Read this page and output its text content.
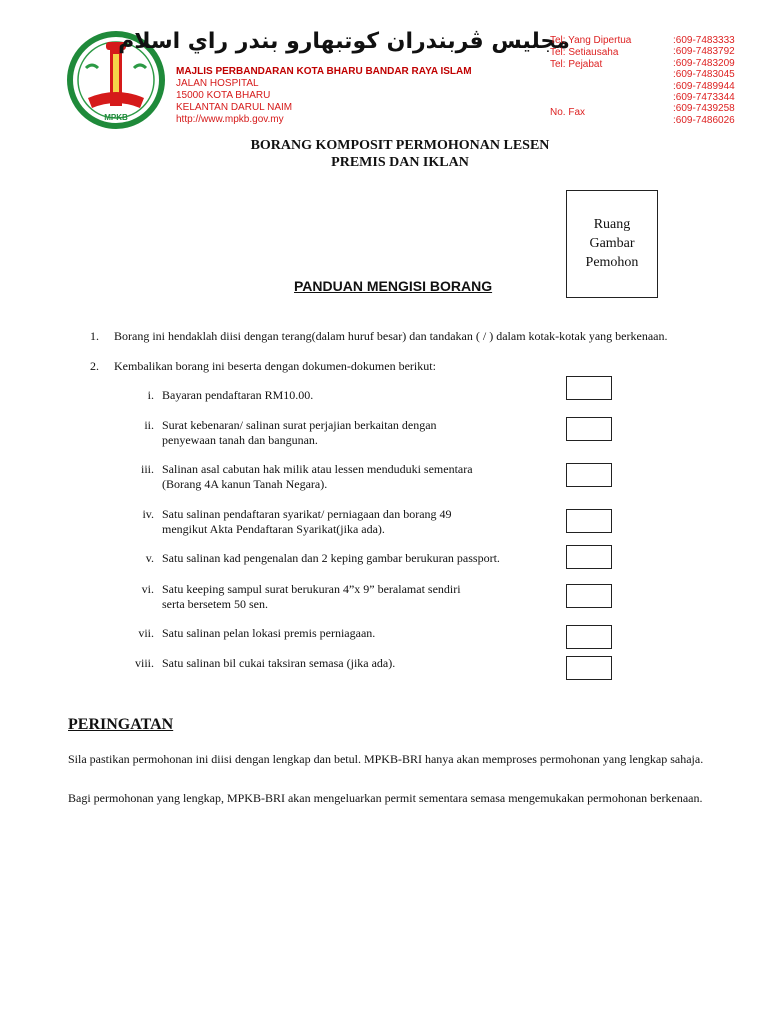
MPKB
مجليس ڤربندران كوتبهارو بندر راي اسلام
MAJLIS PERBANDARAN KOTA BHARU BANDAR RAYA ISLAM
JALAN HOSPITAL
15000 KOTA BHARU
KELANTAN DARUL NAIM
http://www.mpkb.gov.my
Tel: Yang Dipertua
Tel: Setiausaha
Tel: Pejabat
No. Fax
:609-7483333
:609-7483792
:609-7483209
:609-7483045
:609-7489944
:609-7473344
:609-7439258
:609-7486026
BORANG KOMPOSIT PERMOHONAN LESEN
PREMIS DAN IKLAN
Ruang
Gambar
Pemohon
PANDUAN MENGISI BORANG
1. Borang ini hendaklah diisi dengan terang(dalam huruf besar) dan tandakan ( / ) dalam kotak-kotak yang berkenaan.
2. Kembalikan borang ini beserta dengan dokumen-dokumen berikut:
i. Bayaran pendaftaran RM10.00.
ii. Surat kebenaran/ salinan surat perjajian berkaitan dengan
penyewaan tanah dan bangunan.
iii. Salinan asal cabutan hak milik atau lessen menduduki sementara
(Borang 4A kanun Tanah Negara).
iv. Satu salinan pendaftaran syarikat/ perniagaan dan borang 49
mengikut Akta Pendaftaran Syarikat(jika ada).
v. Satu salinan kad pengenalan dan 2 keping gambar berukuran passport.
vi. Satu keeping sampul surat berukuran 4”x 9” beralamat sendiri
serta bersetem 50 sen.
vii. Satu salinan pelan lokasi premis perniagaan.
viii. Satu salinan bil cukai taksiran semasa (jika ada).
PERINGATAN
Sila pastikan permohonan ini diisi dengan lengkap dan betul. MPKB-BRI hanya akan memproses permohonan yang lengkap sahaja.
Bagi permohonan yang lengkap, MPKB-BRI akan mengeluarkan permit sementara semasa mengemukakan permohonan berkenaan.
